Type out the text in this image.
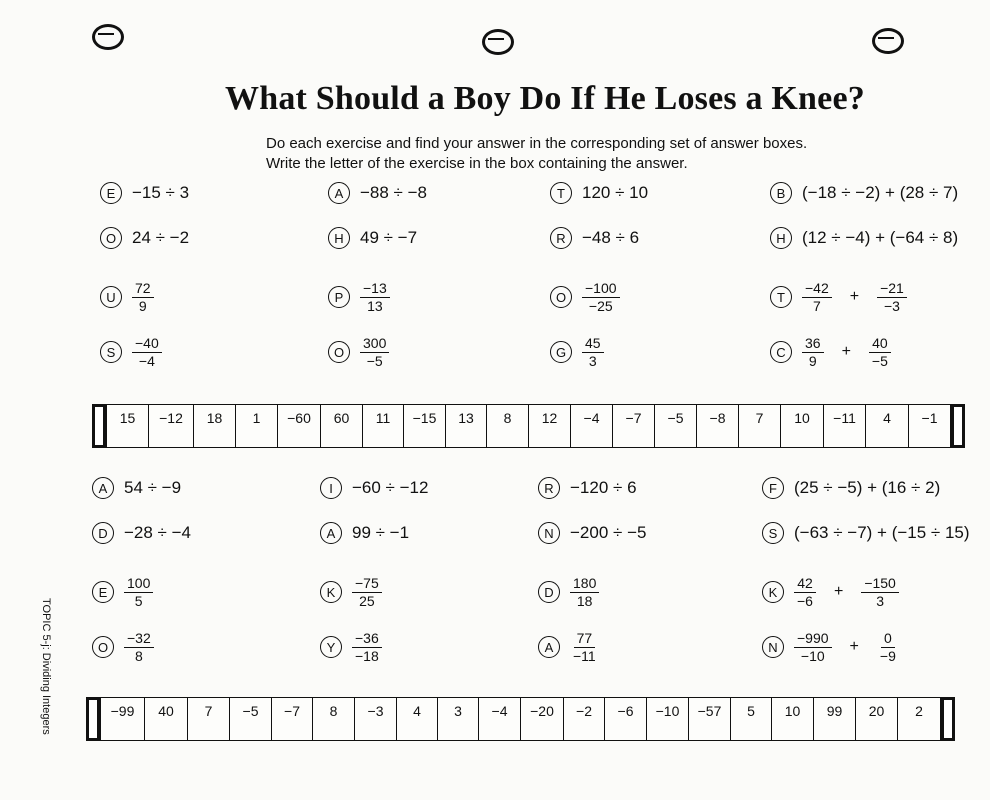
What Should a Boy Do If He Loses a Knee?
Do each exercise and find your answer in the corresponding set of answer boxes.
Write the letter of the exercise in the box containing the answer.
TOPIC 5-j: Dividing Integers
E −15 ÷ 3	A −88 ÷ −8	T	120 ÷ 10	B (−18 ÷ −2) + (28 ÷ 7)
O 24 ÷ −2	H 49 ÷ −7	R −48 ÷ 6	H (12 ÷ −4) + (−64 ÷ 8)
U	$\frac{72}{9}$	P	$\frac{-13}{13}$	O	$\frac{-100}{-25}$	T	$\frac{-42}{7} + \frac{-21}{-3}$
S	$\frac{-40}{-4}$	O	$\frac{300}{-5}$	G	$\frac{45}{3}$	C	$\frac{36}{9} + \frac{40}{-5}$
15	−12	18	1	−60	60	11	−15	13	8	12	−4	−7	−5	−8	7	10	−11	4	−1
A 54 ÷ −9	I	−60 ÷ −12	R −120 ÷ 6	F	(25 ÷ −5) + (16 ÷ 2)
D −28 ÷ −4	A 99 ÷ −1	N −200 ÷ −5	S (−63 ÷ −7) + (−15 ÷ 15)
E	$\frac{100}{5}$	K	$\frac{-75}{25}$	D	$\frac{180}{18}$	K	$\frac{42}{-6} + \frac{-150}{3}$
O	$\frac{-32}{8}$	Y	$\frac{-36}{-18}$	A	$\frac{77}{-11}$	N	$\frac{-990}{-10} + \frac{0}{-9}$
−99	40	7	−5	−7	8	−3	4	3	−4	−20	−2	−6	−10	−57	5	10	99	20	2
